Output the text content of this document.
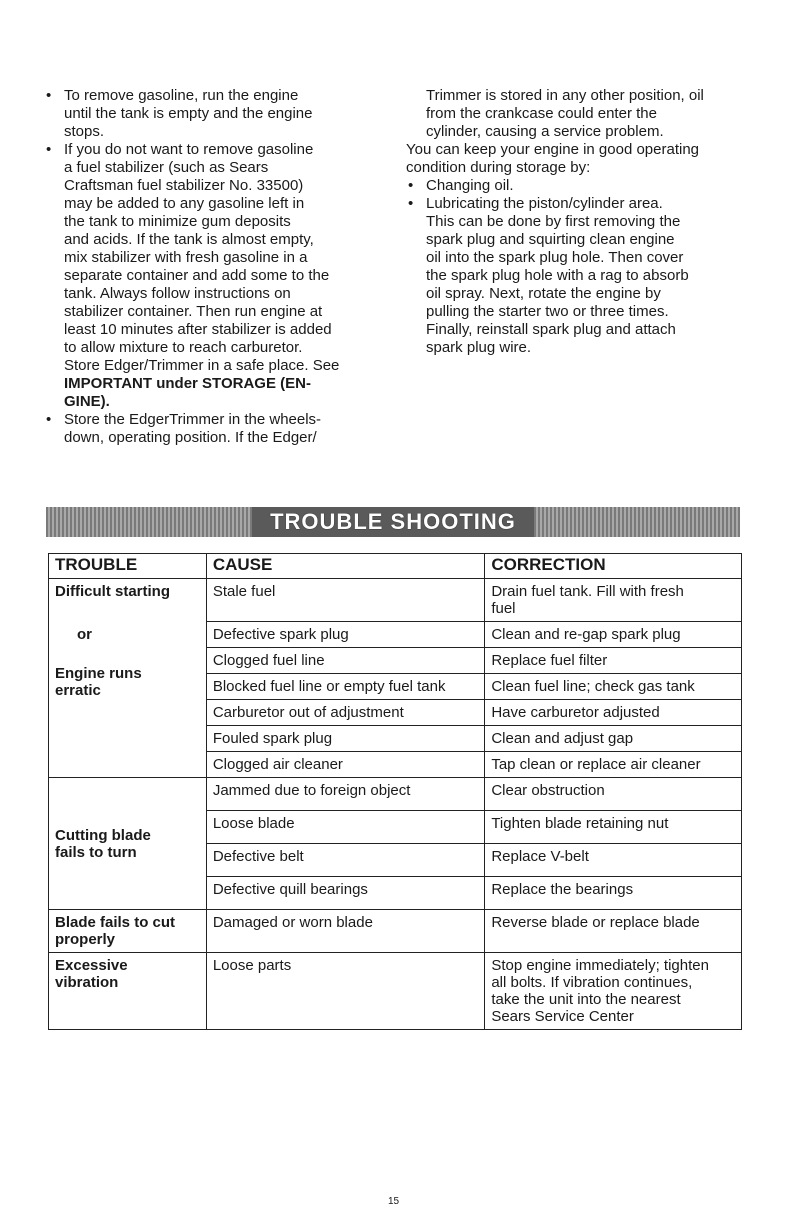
• To remove gasoline, run the engine
until the tank is empty and the engine
stops.

• If you do not want to remove gasoline
a fuel stabilizer (such as Sears
Craftsman fuel stabilizer No. 33500)
may be added to any gasoline left in
the tank to minimize gum deposits
and acids. If the tank is almost empty,
mix stabilizer with fresh gasoline in a
separate container and add some to the
tank. Always follow instructions on
stabilizer container. Then run engine at
least 10 minutes after stabilizer is added
to allow mixture to reach carburetor.
Store Edger/Trimmer in a safe place. See

IMPORTANT under STORAGE (EN-
GINE).

• Store the EdgerTrimmer in the wheels-
down, operating position. If the Edger/

Trimmer is stored in any other position, oil
from the crankcase could enter the
cylinder, causing a service problem.

You can keep your engine in good operating
condition during storage by:

• Changing oil.

• Lubricating the piston/cylinder area.
This can be done by first removing the
spark plug and squirting clean engine
oil into the spark plug hole. Then cover
the spark plug hole with a rag to absorb
oil spray. Next, rotate the engine by
pulling the starter two or three times.
Finally, reinstall spark plug and attach
spark plug wire.

TROUBLE SHOOTING
TROUBLE	CAUSE	CORRECTION
Difficult starting
or
Engine runs
erratic	Stale fuel	Drain fuel tank. Fill with fresh
fuel
	Defective spark plug	Clean and re-gap spark plug
	Clogged fuel line	Replace fuel filter
	Blocked fuel line or empty fuel tank	Clean fuel line; check gas tank
	Carburetor out of adjustment	Have carburetor adjusted
	Fouled spark plug	Clean and adjust gap
	Clogged air cleaner	Tap clean or replace air cleaner
Cutting blade
fails to turn	Jammed due to foreign object	Clear obstruction
	Loose blade	Tighten blade retaining nut
	Defective belt	Replace V-belt
	Defective quill bearings	Replace the bearings
Blade fails to cut
properly	Damaged or worn blade	Reverse blade or replace blade
Excessive
vibration	Loose parts	Stop engine immediately; tighten
all bolts. If vibration continues,
take the unit into the nearest
Sears Service Center
15
